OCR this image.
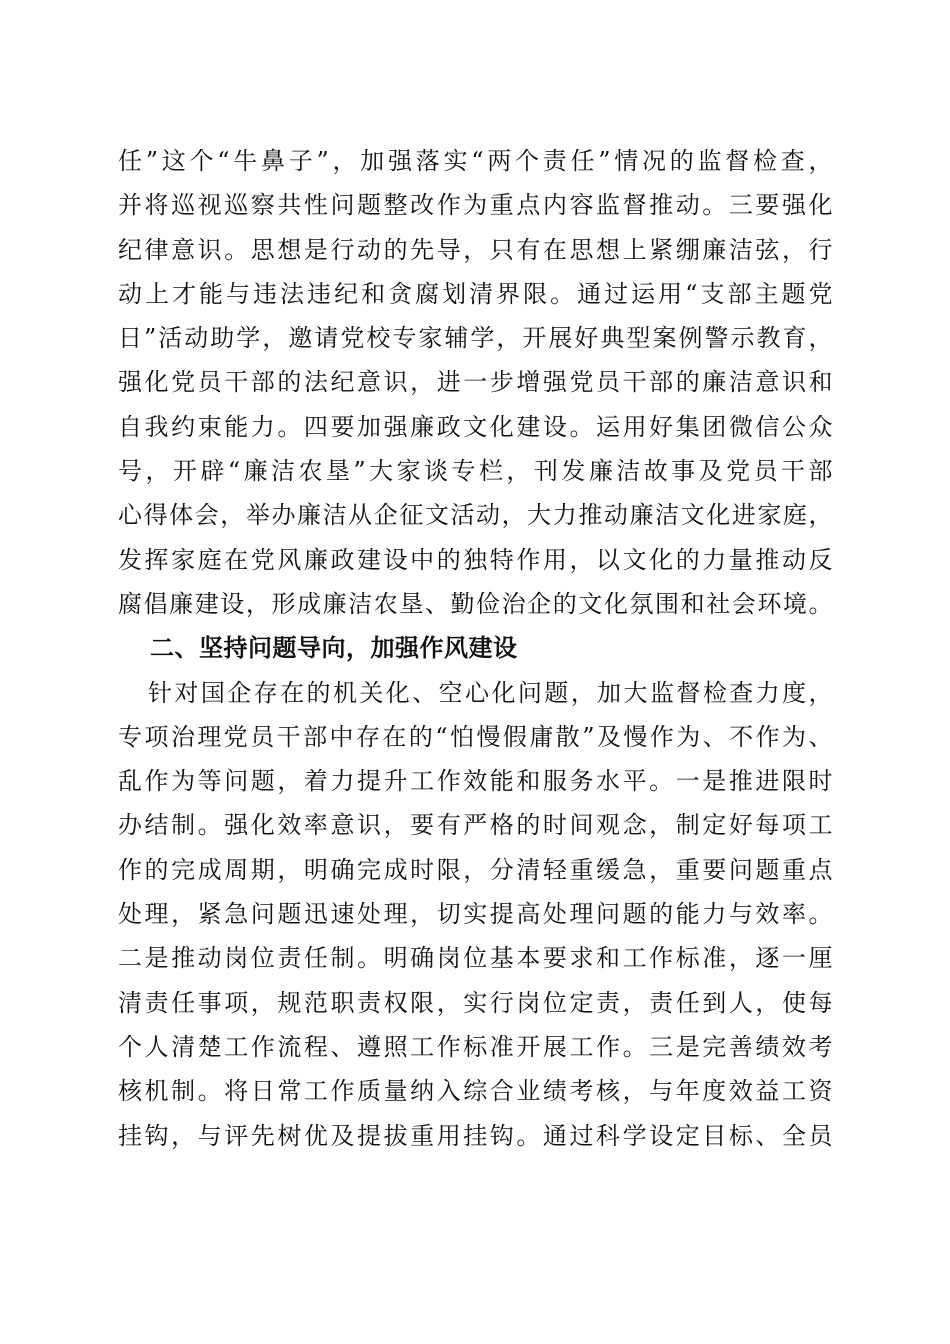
任”这个“牛鼻子”，加强落实“两个责任”情况的监督检查，
并将巡视巡察共性问题整改作为重点内容监督推动。三要强化
纪律意识。思想是行动的先导，只有在思想上紧绷廉洁弦，行
动上才能与违法违纪和贪腐划清界限。通过运用“支部主题党
日”活动助学，邀请党校专家辅学，开展好典型案例警示教育，
强化党员干部的法纪意识，进一步增强党员干部的廉洁意识和
自我约束能力。四要加强廉政文化建设。运用好集团微信公众
号，开辟“廉洁农垦”大家谈专栏，刊发廉洁故事及党员干部
心得体会，举办廉洁从企征文活动，大力推动廉洁文化进家庭，
发挥家庭在党风廉政建设中的独特作用，以文化的力量推动反
腐倡廉建设，形成廉洁农垦、勤俭治企的文化氛围和社会环境。
二、坚持问题导向，加强作风建设
针对国企存在的机关化、空心化问题，加大监督检查力度，
专项治理党员干部中存在的“怕慢假庸散”及慢作为、不作为、
乱作为等问题，着力提升工作效能和服务水平。一是推进限时
办结制。强化效率意识，要有严格的时间观念，制定好每项工
作的完成周期，明确完成时限，分清轻重缓急，重要问题重点
处理，紧急问题迅速处理，切实提高处理问题的能力与效率。
二是推动岗位责任制。明确岗位基本要求和工作标准，逐一厘
清责任事项，规范职责权限，实行岗位定责，责任到人，使每
个人清楚工作流程、遵照工作标准开展工作。三是完善绩效考
核机制。将日常工作质量纳入综合业绩考核，与年度效益工资
挂钩，与评先树优及提拔重用挂钩。通过科学设定目标、全员
